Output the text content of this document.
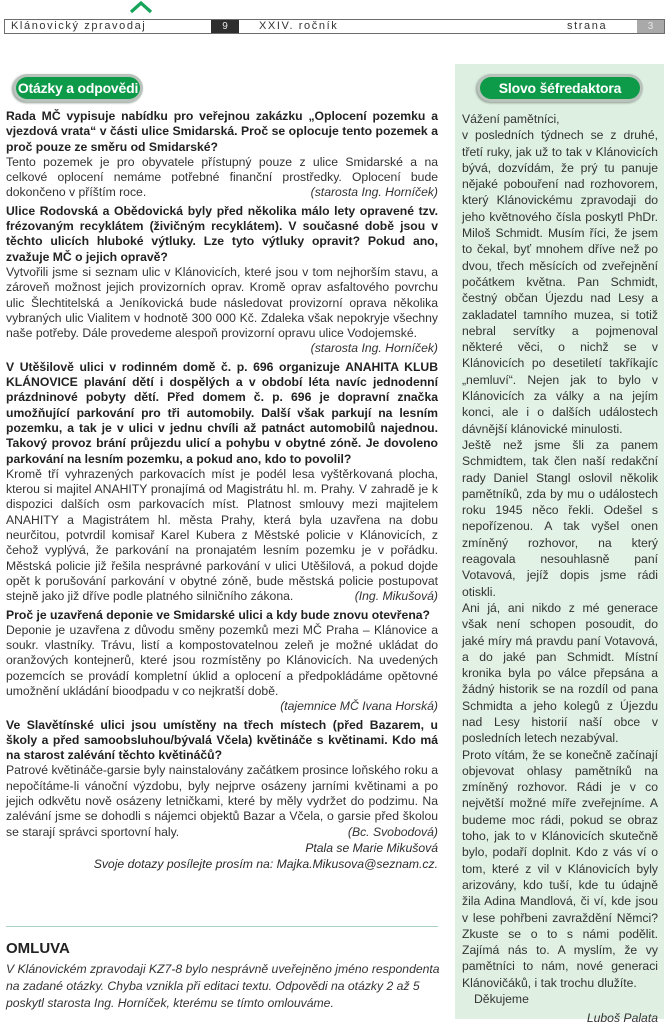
Klánovický zpravodaj	9	XXIV. ročník	strana	3
Otázky a odpovědi	Slovo šéfredaktora

Rada MČ vypisuje nabídku pro veřejnou zakázku „Oplocení pozemku a vjezdová vrata“ v části ulice Smidarská. Proč se oplocuje tento pozemek a proč pouze ze směru od Smidarské?

Tento pozemek je pro obyvatele přístupný pouze z ulice Smidarské a na celkové oplocení nemáme potřebné finanční prostředky. Oplocení bude dokončeno v příštím roce.	(starosta Ing. Horníček)

Ulice Rodovská a Obědovická byly před několika málo lety opravené tzv. frézovaným recyklátem (živičným recyklátem). V současné době jsou v těchto ulicích hluboké výtluky. Lze tyto výtluky opravit? Pokud ano, zvažuje MČ o jejich opravě?

Vytvořili jsme si seznam ulic v Klánovicích, které jsou v tom nejhorším stavu, a zároveň možnost jejich provizorních oprav. Kromě oprav asfaltového povrchu ulic Šlechtitelská a Jeníkovická bude následovat provizorní oprava několika vybraných ulic Vialitem v hodnotě 300 000 Kč. Zdaleka však nepokryje všechny naše potřeby. Dále provedeme alespoň provizorní opravu ulice Vodojemské.
(starosta Ing. Horníček)

V Utěšilově ulici v rodinném domě č. p. 696 organizuje ANAHITA KLUB KLÁNOVICE plavání dětí i dospělých a v období léta navíc jednodenní prázdninové pobyty dětí. Před domem č. p. 696 je dopravní značka umožňující parkování pro tři automobily. Další však parkují na lesním pozemku, a tak je v ulici v jednu chvíli až patnáct automobilů najednou. Takový provoz brání průjezdu ulicí a pohybu v obytné zóně. Je dovoleno parkování na lesním pozemku, a pokud ano, kdo to povolil?

Kromě tří vyhrazených parkovacích míst je podél lesa vyštěrkovaná plocha, kterou si majitel ANAHITY pronajímá od Magistrátu hl. m. Prahy. V zahradě je k dispozici dalších osm parkovacích míst. Platnost smlouvy mezi majitelem ANAHITY a Magistrátem hl. města Prahy, která byla uzavřena na dobu neurčitou, potvrdil komisař Karel Kubera z Městské policie v Klánovicích, z čehož vyplývá, že parkování na pronajatém lesním pozemku je v pořádku. Městská policie již řešila nesprávné parkování v ulici Utěšilová, a pokud dojde opět k porušování parkování v obytné zóně, bude městská policie postupovat stejně jako již dříve podle platného silničního zákona.	(Ing. Mikušová)

Proč je uzavřená deponie ve Smidarské ulici a kdy bude znovu otevřena?

Deponie je uzavřena z důvodu směny pozemků mezi MČ Praha – Klánovice a soukr. vlastníky. Trávu, listí a kompostovatelnou zeleň je možné ukládat do oranžových kontejnerů, které jsou rozmístěny po Klánovicích. Na uvedených pozemcích se provádí kompletní úklid a oplocení a předpokládáme opětovné umožnění ukládání bioodpadu v co nejkratší době.

(tajemnice MČ Ivana Horská)

Ve Slavětínské ulici jsou umístěny na třech místech (před Bazarem, u školy a před samoobsluhou/bývalá Včela) květináče s květinami. Kdo má na starost zalévání těchto květináčů?

Patrové květináče-garsie byly nainstalovány začátkem prosince loňského roku a nepočítáme-li vánoční výzdobu, byly nejprve osázeny jarními květinami a po jejich odkvětu nově osázeny letničkami, které by měly vydržet do podzimu. Na zalévání jsme se dohodli s nájemci objektů Bazar a Včela, o garsie před školou se starají správci sportovní haly.	(Bc. Svobodová)

Ptala se Marie Mikušová

Svoje dotazy posílejte prosím na: Majka.Mikusova@seznam.cz.

OMLUVA
V Klánovickém zpravodaji KZ7-8 bylo nesprávně uveřejněno jméno respondenta na zadané otázky. Chyba vznikla při editaci textu. Odpovědi na otázky 2 až 5 poskytl starosta Ing. Horníček, kterému se tímto omlouváme.

Vážení pamětníci,

v posledních týdnech se z druhé, třetí ruky, jak už to tak v Klánovicích bývá, dozvídám, že prý tu panuje nějaké pobouření nad rozhovorem, který Klánovickému zpravodaji do jeho květnového čísla poskytl PhDr. Miloš Schmidt. Musím říci, že jsem to čekal, byť mnohem dříve než po dvou, třech měsících od zveřejnění počátkem května. Pan Schmidt, čestný občan Újezdu nad Lesy a zakladatel tamního muzea, si totiž nebral servítky a pojmenoval některé věci, o nichž se v Klánovicích po desetiletí takříkajíc „nemluví“. Nejen jak to bylo v Klánovicích za války a na jejím konci, ale i o dalších událostech dávnější klánovické minulosti.

Ještě než jsme šli za panem Schmidtem, tak člen naší redakční rady Daniel Stangl oslovil několik pamětníků, zda by mu o událostech roku 1945 něco řekli. Odešel s nepořízenou. A tak vyšel onen zmíněný rozhovor, na který reagovala nesouhlasně paní Votavová, jejíž dopis jsme rádi otiskli.

Ani já, ani nikdo z mé generace však není schopen posoudit, do jaké míry má pravdu paní Votavová, a do jaké pan Schmidt. Místní kronika byla po válce přepsána a žádný historik se na rozdíl od pana Schmidta a jeho kolegů z Újezdu nad Lesy historií naší obce v posledních letech nezabýval.

Proto vítám, že se konečně začínají objevovat ohlasy pamětníků na zmíněný rozhovor. Rádi je v co největší možné míře zveřejníme. A budeme moc rádi, pokud se obraz toho, jak to v Klánovicích skutečně bylo, podaří doplnit. Kdo z vás ví o tom, které z vil v Klánovicích byly arizovány, kdo tuší, kde tu údajně žila Adina Mandlová, či ví, kde jsou v lese pohřbeni zavraždění Němci? Zkuste se o to s námi podělit. Zajímá nás to. A myslím, že vy pamětníci to nám, nové generaci Klánovičáků, i tak trochu dlužíte.

Děkujeme

Luboš Palata
